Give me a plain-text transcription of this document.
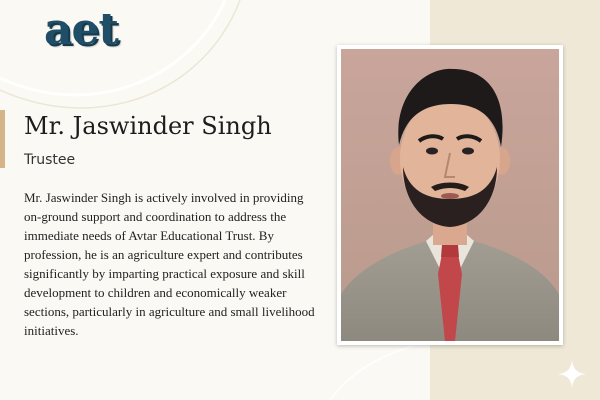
aet
Mr. Jaswinder Singh
Trustee

Mr. Jaswinder Singh is actively involved in providing on-ground support and coordination to address the immediate needs of Avtar Educational Trust. By profession, he is an agriculture expert and contributes significantly by imparting practical exposure and skill development to children and economically weaker sections, particularly in agriculture and small livelihood initiatives.
